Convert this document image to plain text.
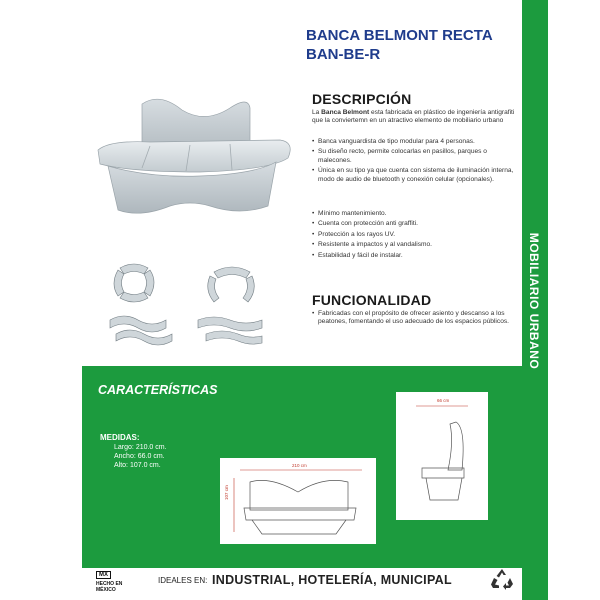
MOBILIARIO URBANO
BANCA BELMONT RECTA
BAN-BE-R
DESCRIPCIÓN
La Banca Belmont esta fabricada en plástico de ingeniería antigrafiti que la conviertemn en un atractivo elemento de mobiliario urbano
• Banca vanguardista de tipo modular para 4 personas.
• Su diseño recto, permite colocarlas en pasillos, parques o malecones.
• Única en su tipo ya que cuenta con sistema de iluminación interna, modo de audio de bluetooth y conexión celular (opcionales).
• Mínimo mantenimiento.
• Cuenta con protección anti graffiti.
• Protección a los rayos UV.
• Resistente a impactos y al vandalismo.
• Estabilidad y fácil de instalar.
FUNCIONALIDAD
• Fabricadas con el propósito de ofrecer asiento y descanso a los peatones, fomentando el uso adecuado de los espacios públicos.
CARACTERÍSTICAS
MEDIDAS:
Largo: 210.0 cm.
Ancho: 66.0 cm.
Alto: 107.0 cm.	210 cm
107 cm
66 cm
MX
HECHO EN
MÉXICO
IDEALES EN: INDUSTRIAL, HOTELERÍA, MUNICIPAL
